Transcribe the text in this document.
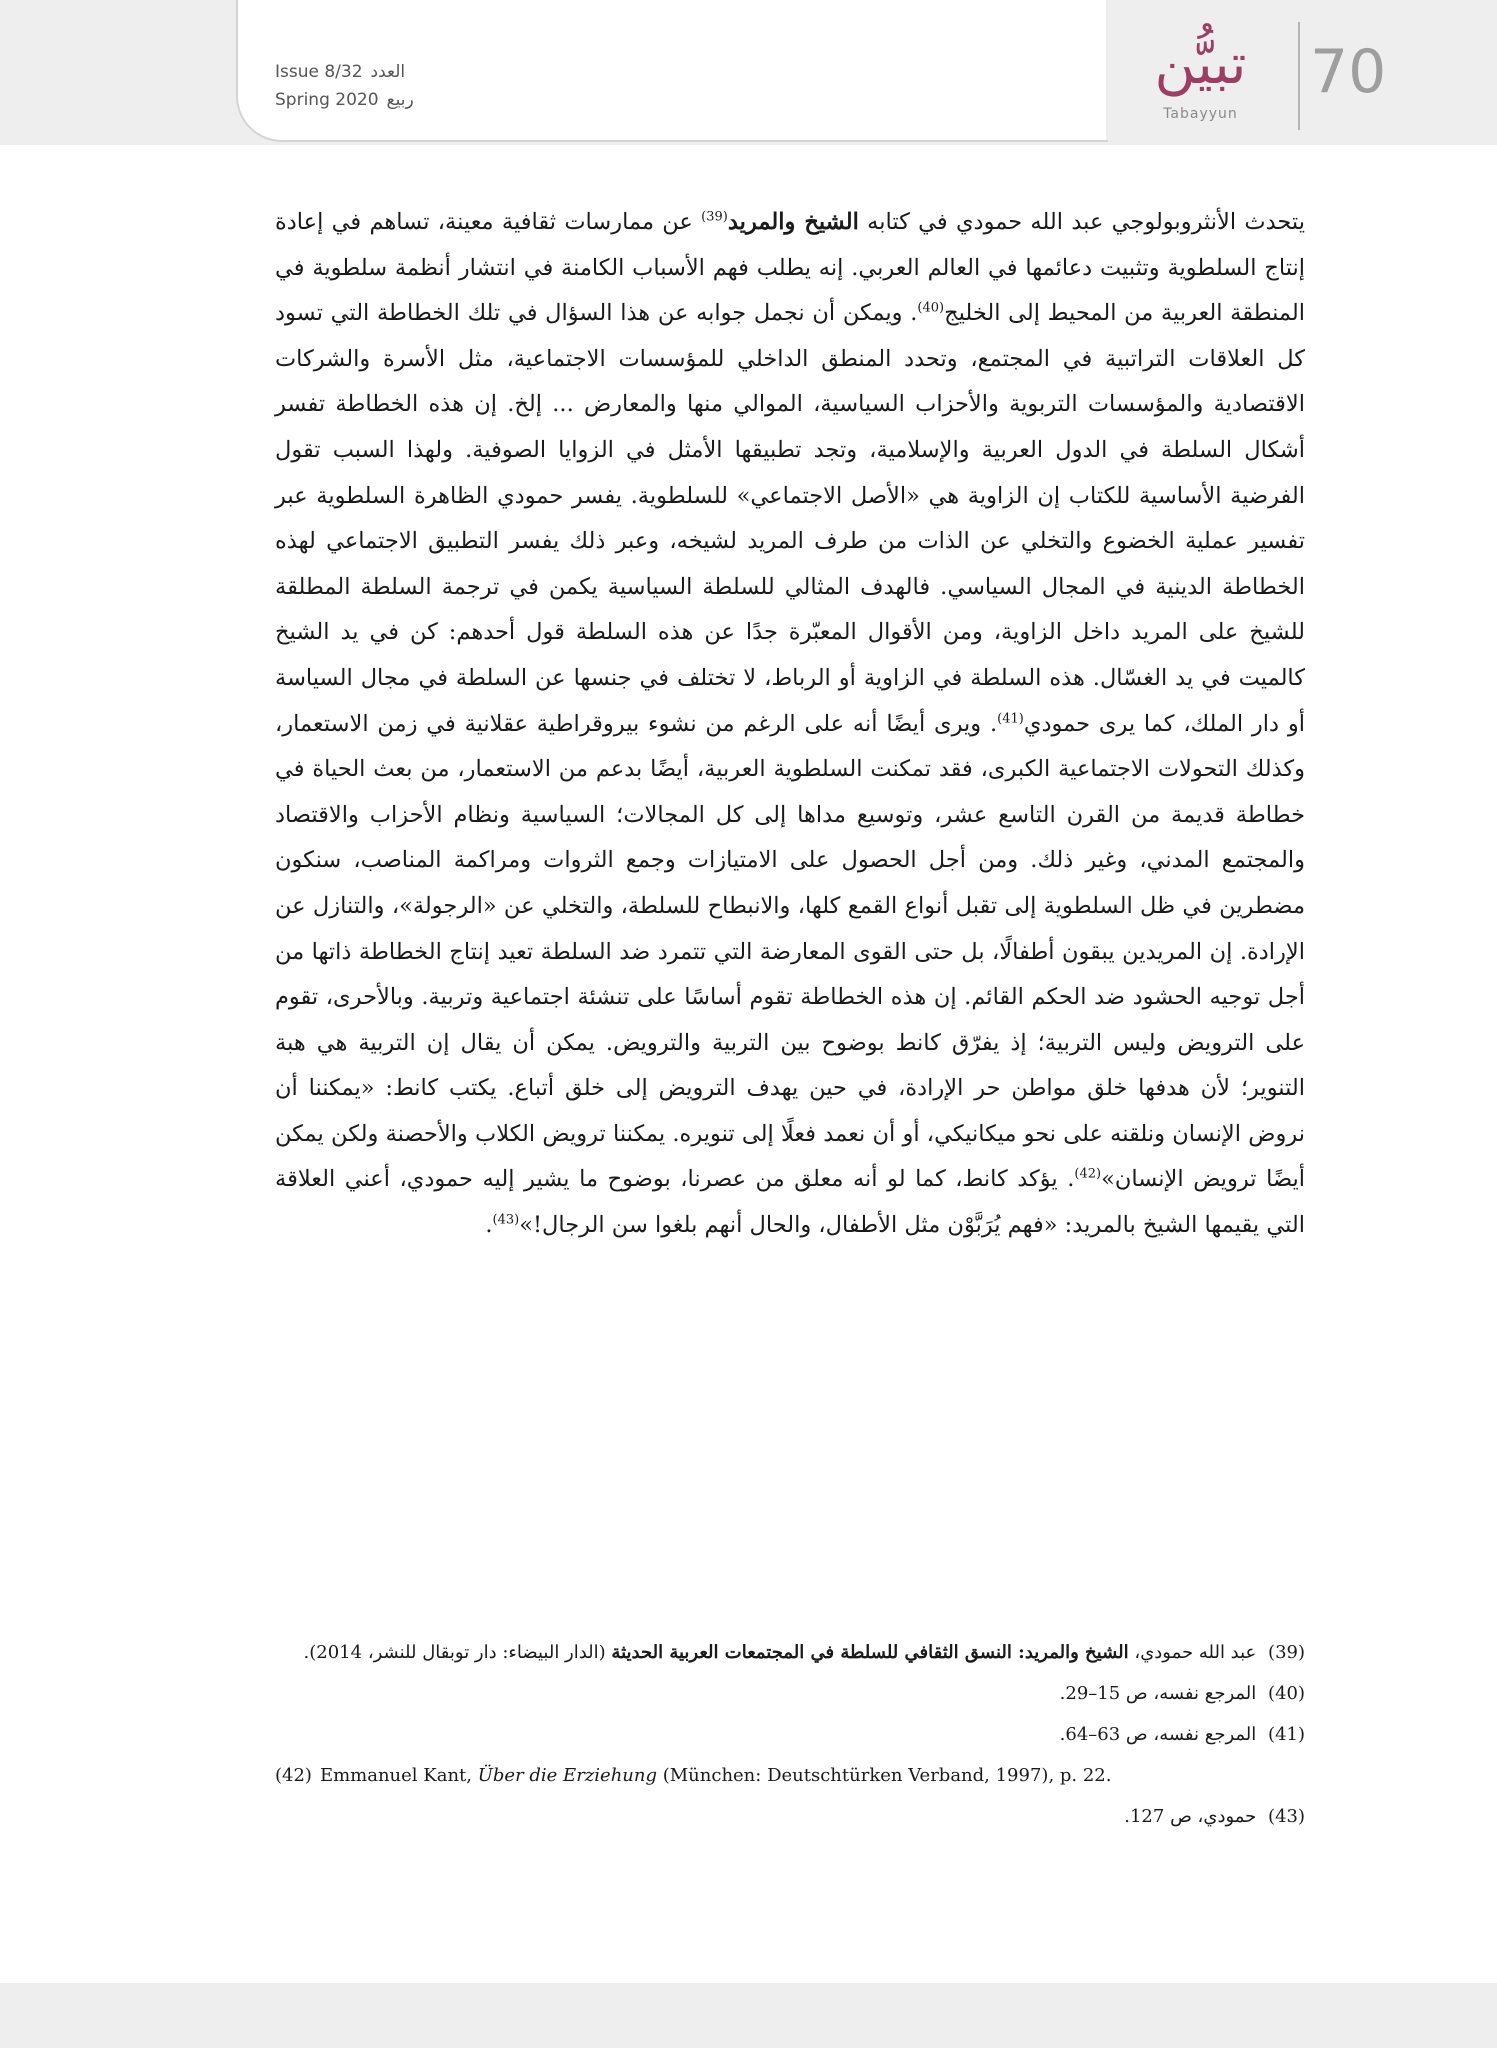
Issue 8/32 العدد
Spring 2020 ربيع
تبيُّن
Tabayyun
70

يتحدث الأنثروبولوجي عبد الله حمودي في كتابه الشيخ والمريد$^{(39)}$ عن ممارسات ثقافية معينة، تساهم في إعادة إنتاج السلطوية وتثبيت دعائمها في العالم العربي. إنه يطلب فهم الأسباب الكامنة في انتشار أنظمة سلطوية في المنطقة العربية من المحيط إلى الخليج$^{(40)}$. ويمكن أن نجمل جوابه عن هذا السؤال في تلك الخطاطة التي تسود كل العلاقات التراتبية في المجتمع، وتحدد المنطق الداخلي للمؤسسات الاجتماعية، مثل الأسرة والشركات الاقتصادية والمؤسسات التربوية والأحزاب السياسية، الموالي منها والمعارض ... إلخ. إن هذه الخطاطة تفسر أشكال السلطة في الدول العربية والإسلامية، وتجد تطبيقها الأمثل في الزوايا الصوفية. ولهذا السبب تقول الفرضية الأساسية للكتاب إن الزاوية هي «الأصل الاجتماعي» للسلطوية. يفسر حمودي الظاهرة السلطوية عبر تفسير عملية الخضوع والتخلي عن الذات من طرف المريد لشيخه، وعبر ذلك يفسر التطبيق الاجتماعي لهذه الخطاطة الدينية في المجال السياسي. فالهدف المثالي للسلطة السياسية يكمن في ترجمة السلطة المطلقة للشيخ على المريد داخل الزاوية، ومن الأقوال المعبّرة جدًا عن هذه السلطة قول أحدهم: كن في يد الشيخ كالميت في يد الغسّال. هذه السلطة في الزاوية أو الرباط، لا تختلف في جنسها عن السلطة في مجال السياسة أو دار الملك، كما يرى حمودي$^{(41)}$. ويرى أيضًا أنه على الرغم من نشوء بيروقراطية عقلانية في زمن الاستعمار، وكذلك التحولات الاجتماعية الكبرى، فقد تمكنت السلطوية العربية، أيضًا بدعم من الاستعمار، من بعث الحياة في خطاطة قديمة من القرن التاسع عشر، وتوسيع مداها إلى كل المجالات؛ السياسية ونظام الأحزاب والاقتصاد والمجتمع المدني، وغير ذلك. ومن أجل الحصول على الامتيازات وجمع الثروات ومراكمة المناصب، سنكون مضطرين في ظل السلطوية إلى تقبل أنواع القمع كلها، والانبطاح للسلطة، والتخلي عن «الرجولة»، والتنازل عن الإرادة. إن المريدين يبقون أطفالًا، بل حتى القوى المعارضة التي تتمرد ضد السلطة تعيد إنتاج الخطاطة ذاتها من أجل توجيه الحشود ضد الحكم القائم. إن هذه الخطاطة تقوم أساسًا على تنشئة اجتماعية وتربية. وبالأحرى، تقوم على الترويض وليس التربية؛ إذ يفرّق كانط بوضوح بين التربية والترويض. يمكن أن يقال إن التربية هي هبة التنوير؛ لأن هدفها خلق مواطن حر الإرادة، في حين يهدف الترويض إلى خلق أتباع. يكتب كانط: «يمكننا أن نروض الإنسان ونلقنه على نحو ميكانيكي، أو أن نعمد فعلًا إلى تنويره. يمكننا ترويض الكلاب والأحصنة ولكن يمكن أيضًا ترويض الإنسان»$^{(42)}$. يؤكد كانط، كما لو أنه معلق من عصرنا، بوضوح ما يشير إليه حمودي، أعني العلاقة التي يقيمها الشيخ بالمريد: «فهم يُرَبَّوْن مثل الأطفال، والحال أنهم بلغوا سن الرجال!»$^{(43)}$.

(39) عبد الله حمودي، الشيخ والمريد: النسق الثقافي للسلطة في المجتمعات العربية الحديثة (الدار البيضاء: دار توبقال للنشر، 2014).

(40) المرجع نفسه، ص 15–29.

(41) المرجع نفسه، ص 63–64.

(42) Emmanuel Kant, Über die Erziehung (München: Deutschtürken Verband, 1997), p. 22.

(43) حمودي، ص 127.
